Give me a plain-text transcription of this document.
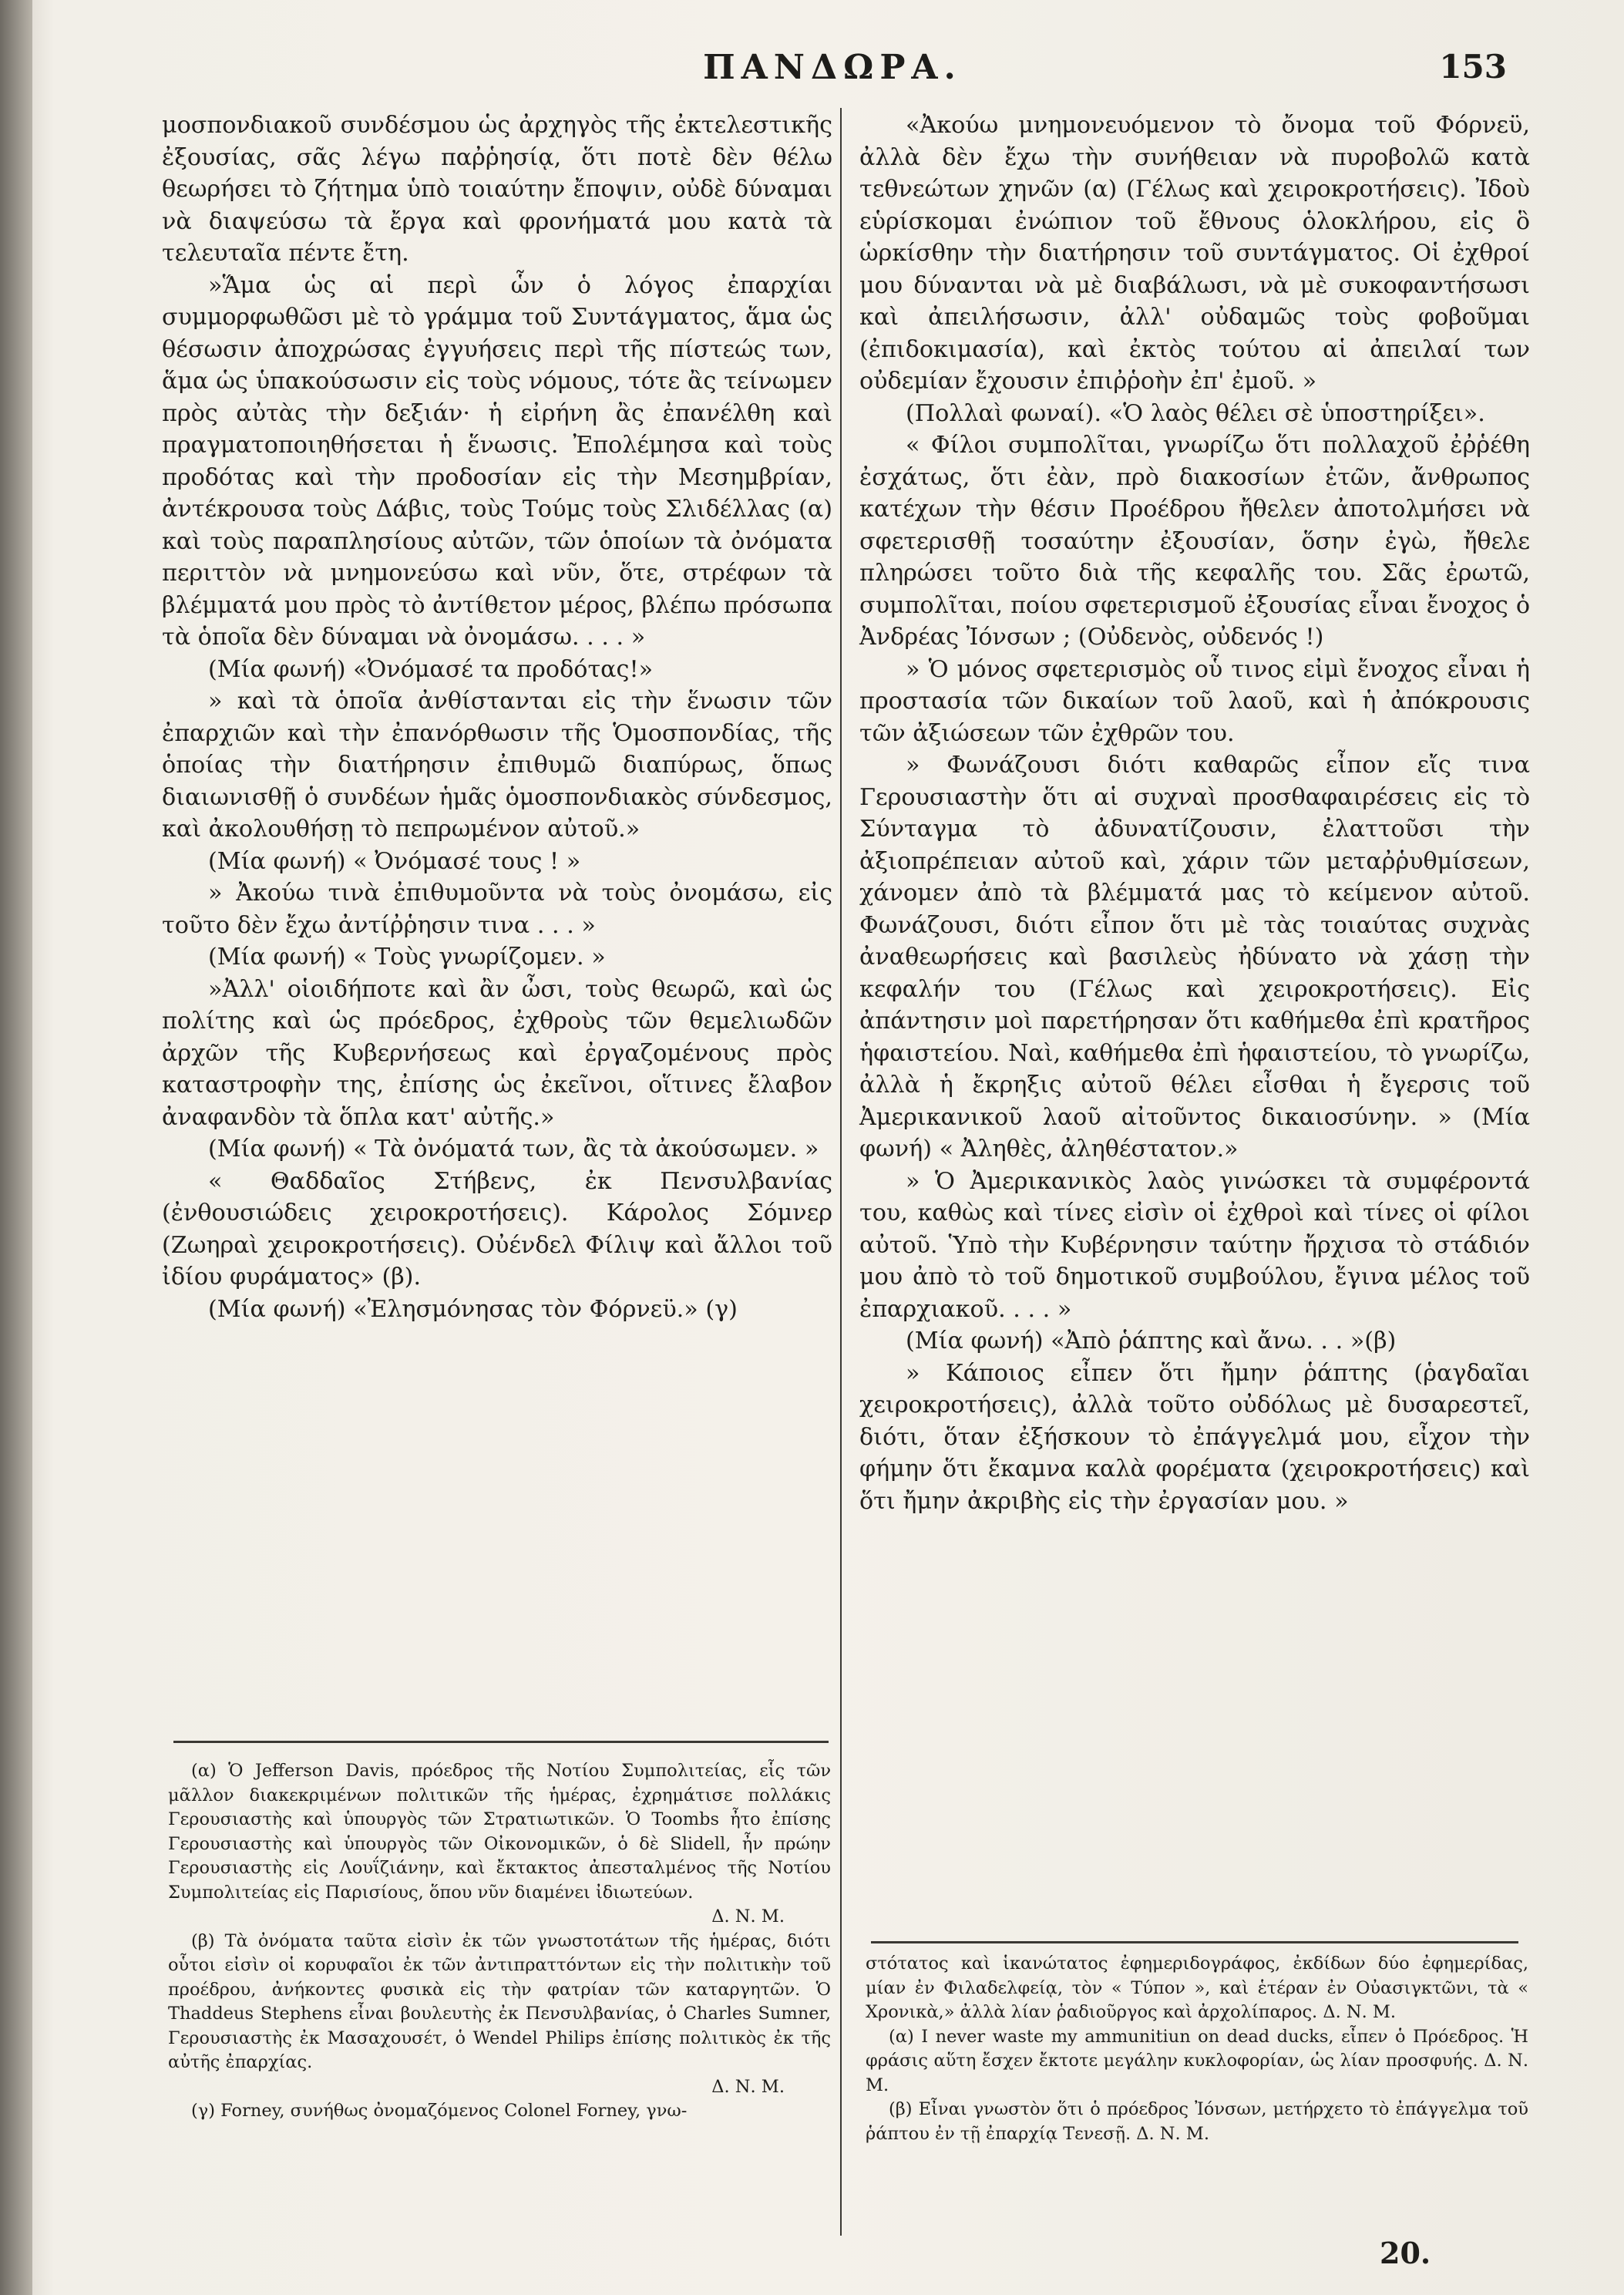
ΠΑΝΔΩΡΑ.	153

μοσπονδιακοῦ συνδέσμου ὡς ἀρχηγὸς τῆς ἐκτελεστικῆς ἐξουσίας, σᾶς λέγω παῤῥησίᾳ, ὅτι ποτὲ δὲν θέλω θεωρήσει τὸ ζήτημα ὑπὸ τοιαύτην ἔποψιν, οὐδὲ δύναμαι νὰ διαψεύσω τὰ ἔργα καὶ φρονήματά μου κατὰ τὰ τελευταῖα πέντε ἔτη.

»Ἅμα ὡς αἱ περὶ ὧν ὁ λόγος ἐπαρχίαι συμμορφωθῶσι μὲ τὸ γράμμα τοῦ Συντάγματος, ἅμα ὡς θέσωσιν ἀποχρώσας ἐγγυήσεις περὶ τῆς πίστεώς των, ἅμα ὡς ὑπακούσωσιν εἰς τοὺς νόμους, τότε ἂς τείνωμεν πρὸς αὐτὰς τὴν δεξιάν· ἡ εἰρήνη ἂς ἐπανέλθη καὶ πραγματοποιηθήσεται ἡ ἕνωσις. Ἐπολέμησα καὶ τοὺς προδότας καὶ τὴν προδοσίαν εἰς τὴν Μεσημβρίαν, ἀντέκρουσα τοὺς Δάβις, τοὺς Τούμς τοὺς Σλιδέλλας (α) καὶ τοὺς παραπλησίους αὐτῶν, τῶν ὁποίων τὰ ὀνόματα περιττὸν νὰ μνημονεύσω καὶ νῦν, ὅτε, στρέφων τὰ βλέμματά μου πρὸς τὸ ἀντίθετον μέρος, βλέπω πρόσωπα τὰ ὁποῖα δὲν δύναμαι νὰ ὀνομάσω. . . . »

(Μία φωνή) «Ὀνόμασέ τα προδότας!»

» καὶ τὰ ὁποῖα ἀνθίστανται εἰς τὴν ἕνωσιν τῶν ἐπαρχιῶν καὶ τὴν ἐπανόρθωσιν τῆς Ὁμοσπονδίας, τῆς ὁποίας τὴν διατήρησιν ἐπιθυμῶ διαπύρως, ὅπως διαιωνισθῇ ὁ συνδέων ἡμᾶς ὁμοσπονδιακὸς σύνδεσμος, καὶ ἀκολουθήσῃ τὸ πεπρωμένον αὐτοῦ.»

(Μία φωνή) « Ὀνόμασέ τους ! »

» Ἀκούω τινὰ ἐπιθυμοῦντα νὰ τοὺς ὀνομάσω, εἰς τοῦτο δὲν ἔχω ἀντίῤῥησιν τινα . . . »

(Μία φωνή) « Τοὺς γνωρίζομεν. »

»Ἀλλ' οἱοιδήποτε καὶ ἂν ὦσι, τοὺς θεωρῶ, καὶ ὡς πολίτης καὶ ὡς πρόεδρος, ἐχθροὺς τῶν θεμελιωδῶν ἀρχῶν τῆς Κυβερνήσεως καὶ ἐργαζομένους πρὸς καταστροφὴν της, ἐπίσης ὡς ἐκεῖνοι, οἵτινες ἔλαβον ἀναφανδὸν τὰ ὅπλα κατ' αὐτῆς.»

(Μία φωνή) « Τὰ ὀνόματά των, ἂς τὰ ἀκούσωμεν. »

« Θαδδαῖος Στήβενς, ἐκ Πενσυλβανίας (ἐνθουσιώδεις χειροκροτήσεις). Κάρολος Σόμνερ (Ζωηραὶ χειροκροτήσεις). Οὐένδελ Φίλιψ καὶ ἄλλοι τοῦ ἰδίου φυράματος» (β).

(Μία φωνή) «Ἐλησμόνησας τὸν Φόρνεϋ.» (γ)

«Ἀκούω μνημονευόμενον τὸ ὄνομα τοῦ Φόρνεϋ, ἀλλὰ δὲν ἔχω τὴν συνήθειαν νὰ πυροβολῶ κατὰ τεθνεώτων χηνῶν (α) (Γέλως καὶ χειροκροτήσεις). Ἰδοὺ εὑρίσκομαι ἐνώπιον τοῦ ἔθνους ὁλοκλήρου, εἰς ὃ ὡρκίσθην τὴν διατήρησιν τοῦ συντάγματος. Οἱ ἐχθροί μου δύνανται νὰ μὲ διαβάλωσι, νὰ μὲ συκοφαντήσωσι καὶ ἀπειλήσωσιν, ἀλλ' οὐδαμῶς τοὺς φοβοῦμαι (ἐπιδοκιμασία), καὶ ἐκτὸς τούτου αἱ ἀπειλαί των οὐδεμίαν ἔχουσιν ἐπιῤῥοὴν ἐπ' ἐμοῦ. »

(Πολλαὶ φωναί). «Ὁ λαὸς θέλει σὲ ὑποστηρίξει».

« Φίλοι συμπολῖται, γνωρίζω ὅτι πολλαχοῦ ἐῤῥέθη ἐσχάτως, ὅτι ἐὰν, πρὸ διακοσίων ἐτῶν, ἄνθρωπος κατέχων τὴν θέσιν Προέδρου ἤθελεν ἀποτολμήσει νὰ σφετερισθῇ τοσαύτην ἐξουσίαν, ὅσην ἐγὼ, ἤθελε πληρώσει τοῦτο διὰ τῆς κεφαλῆς του. Σᾶς ἐρωτῶ, συμπολῖται, ποίου σφετερισμοῦ ἐξουσίας εἶναι ἔνοχος ὁ Ἀνδρέας Ἰόνσων ; (Οὐδενὸς, οὐδενός !)

» Ὁ μόνος σφετερισμὸς οὗ τινος εἰμὶ ἔνοχος εἶναι ἡ προστασία τῶν δικαίων τοῦ λαοῦ, καὶ ἡ ἀπόκρουσις τῶν ἀξιώσεων τῶν ἐχθρῶν του.

» Φωνάζουσι διότι καθαρῶς εἶπον εἴς τινα Γερουσιαστὴν ὅτι αἱ συχναὶ προσθαφαιρέσεις εἰς τὸ Σύνταγμα τὸ ἀδυνατίζουσιν, ἐλαττοῦσι τὴν ἀξιοπρέπειαν αὐτοῦ καὶ, χάριν τῶν μεταῤῥυθμίσεων, χάνομεν ἀπὸ τὰ βλέμματά μας τὸ κείμενον αὐτοῦ. Φωνάζουσι, διότι εἶπον ὅτι μὲ τὰς τοιαύτας συχνὰς ἀναθεωρήσεις καὶ βασιλεὺς ἠδύνατο νὰ χάσῃ τὴν κεφαλήν του (Γέλως καὶ χειροκροτήσεις). Εἰς ἀπάντησιν μοὶ παρετήρησαν ὅτι καθήμεθα ἐπὶ κρατῆρος ἡφαιστείου. Ναὶ, καθήμεθα ἐπὶ ἡφαιστείου, τὸ γνωρίζω, ἀλλὰ ἡ ἔκρηξις αὐτοῦ θέλει εἶσθαι ἡ ἔγερσις τοῦ Ἀμερικανικοῦ λαοῦ αἰτοῦντος δικαιοσύνην. » (Μία φωνή) « Ἀληθὲς, ἀληθέστατον.»

» Ὁ Ἀμερικανικὸς λαὸς γινώσκει τὰ συμφέροντά του, καθὼς καὶ τίνες εἰσὶν οἱ ἐχθροὶ καὶ τίνες οἱ φίλοι αὐτοῦ. Ὑπὸ τὴν Κυβέρνησιν ταύτην ἤρχισα τὸ στάδιόν μου ἀπὸ τὸ τοῦ δημοτικοῦ συμβούλου, ἔγινα μέλος τοῦ ἐπαρχιακοῦ. . . . »

(Μία φωνή) «Ἀπὸ ῥάπτης καὶ ἄνω. . . »(β)

» Κάποιος εἶπεν ὅτι ἤμην ῥάπτης (ῥαγδαῖαι χειροκροτήσεις), ἀλλὰ τοῦτο οὐδόλως μὲ δυσαρεστεῖ, διότι, ὅταν ἐξήσκουν τὸ ἐπάγγελμά μου, εἶχον τὴν φήμην ὅτι ἔκαμνα καλὰ φορέματα (χειροκροτήσεις) καὶ ὅτι ἤμην ἀκριβὴς εἰς τὴν ἐργασίαν μου. »

(α) Ὁ Jefferson Davis, πρόεδρος τῆς Νοτίου Συμπολιτείας, εἷς τῶν μᾶλλον διακεκριμένων πολιτικῶν τῆς ἡμέρας, ἐχρημάτισε πολλάκις Γερουσιαστὴς καὶ ὑπουργὸς τῶν Στρατιωτικῶν. Ὁ Toombs ἦτο ἐπίσης Γερουσιαστὴς καὶ ὑπουργὸς τῶν Οἰκονομικῶν, ὁ δὲ Slidell, ἦν πρώην Γερουσιαστὴς εἰς Λουΐζιάνην, καὶ ἔκτακτος ἀπεσταλμένος τῆς Νοτίου Συμπολιτείας εἰς Παρισίους, ὅπου νῦν διαμένει ἰδιωτεύων.

Δ. Ν. Μ.

(β) Τὰ ὀνόματα ταῦτα εἰσὶν ἐκ τῶν γνωστοτάτων τῆς ἡμέρας, διότι οὗτοι εἰσὶν οἱ κορυφαῖοι ἐκ τῶν ἀντιπραττόντων εἰς τὴν πολιτικὴν τοῦ προέδρου, ἀνήκοντες φυσικὰ εἰς τὴν φατρίαν τῶν καταργητῶν. Ὁ Thaddeus Stephens εἶναι βουλευτὴς ἐκ Πενσυλβανίας, ὁ Charles Sumner, Γερουσιαστὴς ἐκ Μασαχουσέτ, ὁ Wendel Philips ἐπίσης πολιτικὸς ἐκ τῆς αὐτῆς ἐπαρχίας.

Δ. Ν. Μ.

(γ) Forney, συνήθως ὀνομαζόμενος Colonel Forney, γνω-

στότατος καὶ ἱκανώτατος ἐφημεριδογράφος, ἐκδίδων δύο ἐφημερίδας, μίαν ἐν Φιλαδελφείᾳ, τὸν « Τύπον », καὶ ἑτέραν ἐν Οὐασιγκτῶνι, τὰ « Χρονικὰ,» ἀλλὰ λίαν ῥαδιοῦργος καὶ ἀρχολίπαρος. Δ. Ν. Μ.

(α) I never waste my ammunitiun on dead ducks, εἶπεν ὁ Πρόεδρος. Ἡ φράσις αὕτη ἔσχεν ἔκτοτε μεγάλην κυκλοφορίαν, ὡς λίαν προσφυής. Δ. Ν. Μ.

(β) Εἶναι γνωστὸν ὅτι ὁ πρόεδρος Ἰόνσων, μετήρχετο τὸ ἐπάγγελμα τοῦ ῥάπτου ἐν τῇ ἐπαρχίᾳ Τενεσῇ. Δ. Ν. Μ.

20.
